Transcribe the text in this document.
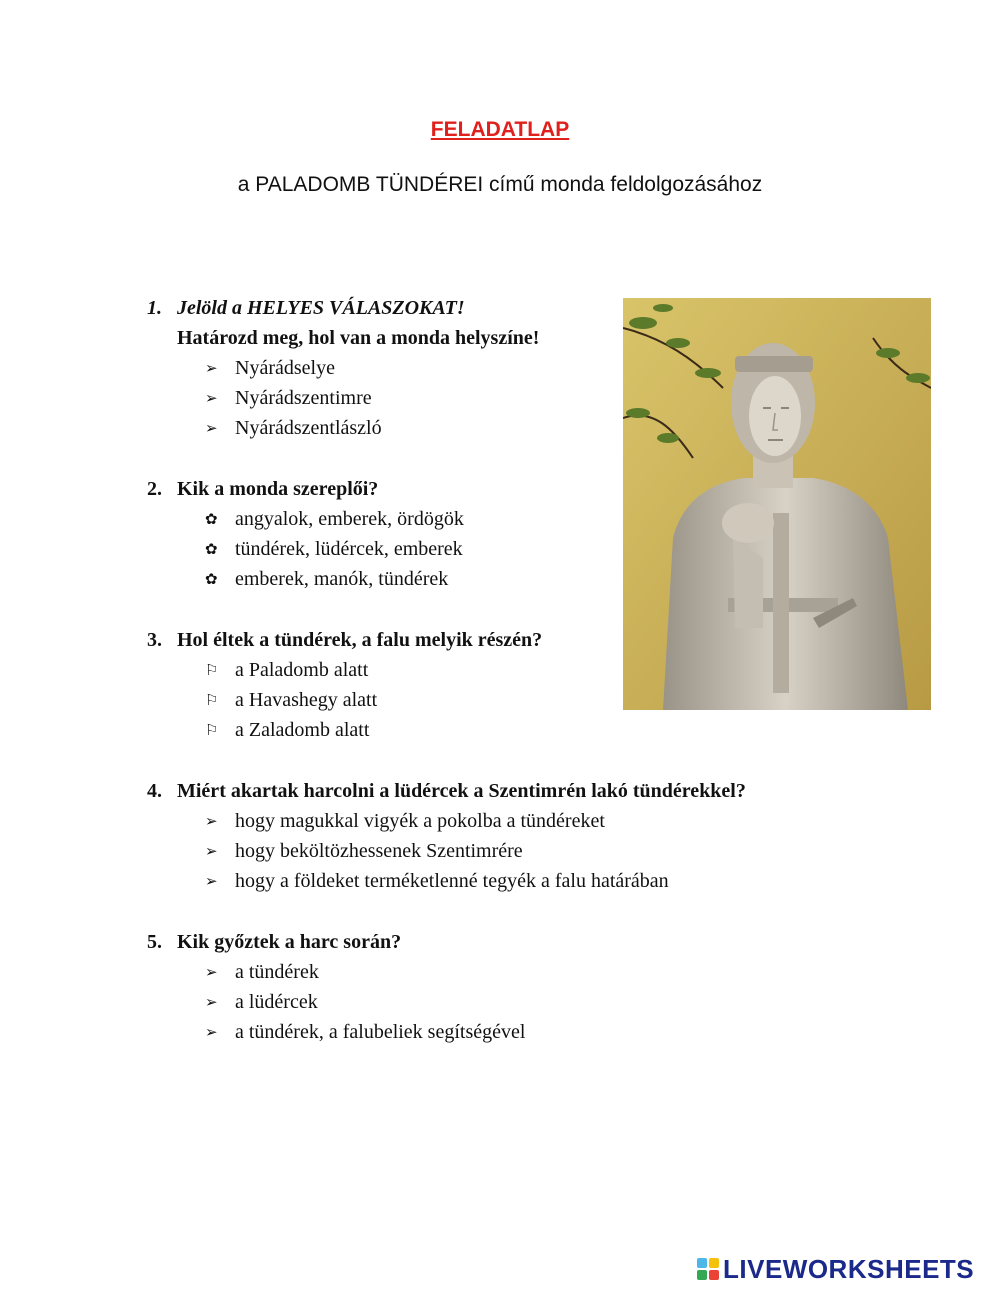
FELADATLAP
a PALADOMB TÜNDÉREI című monda feldolgozásához
1. Jelöld a HELYES VÁLASZOKAT!
Határozd meg, hol van a monda helyszíne!
➢ Nyárádselye
➢ Nyárádszentimre
➢ Nyárádszentlászló
2. Kik a monda szereplői?
✿ angyalok, emberek, ördögök
✿ tündérek, lüdércek, emberek
✿ emberek, manók, tündérek
3. Hol éltek a tündérek, a falu melyik részén?
⚐ a Paladomb alatt
⚐ a Havashegy alatt
⚐ a Zaladomb alatt
4. Miért akartak harcolni a lüdércek a Szentimrén lakó tündérekkel?
➢ hogy magukkal vigyék a pokolba a tündéreket
➢ hogy beköltözhessenek Szentimrére
➢ hogy a földeket terméketlenné tegyék a falu határában
5. Kik győztek a harc során?
➢ a tündérek
➢ a lüdércek
➢ a tündérek, a falubeliek segítségével
LIVEWORKSHEETS
